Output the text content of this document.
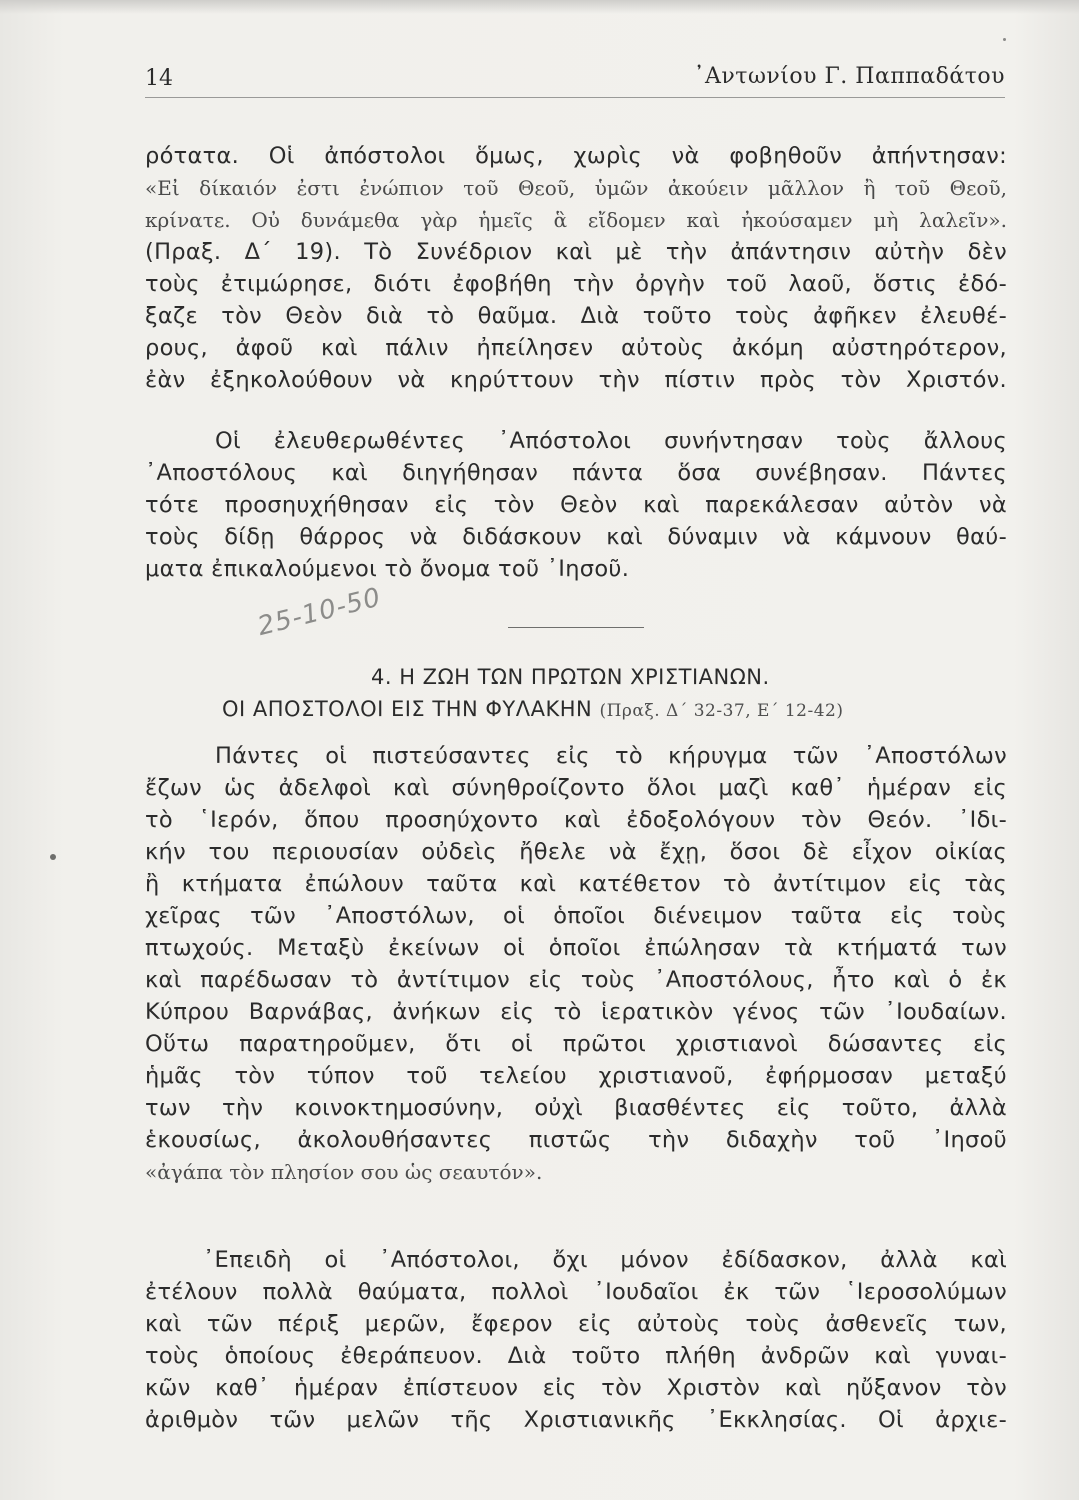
14	᾿Αντωνίου Γ. Παππαδάτου
ρότατα. Οἱ ἀπόστολοι ὅμως, χωρὶς νὰ φοβηθοῦν ἀπήντησαν:
«Εἰ δίκαιόν ἐστι ἐνώπιον τοῦ Θεοῦ, ὑμῶν ἀκούειν μᾶλλον ἢ τοῦ Θεοῦ,
κρίνατε. Οὐ δυνάμεθα γὰρ ἡμεῖς ἃ εἴδομεν καὶ ἠκούσαμεν μὴ λαλεῖν».
(Πραξ. Δ΄ 19). Τὸ Συνέδριον καὶ μὲ τὴν ἀπάντησιν αὐτὴν δὲν
τοὺς ἐτιμώρησε, διότι ἐφοβήθη τὴν ὀργὴν τοῦ λαοῦ, ὅστις ἐδό-
ξαζε τὸν Θεὸν διὰ τὸ θαῦμα. Διὰ τοῦτο τοὺς ἀφῆκεν ἐλευθέ-
ρους, ἀφοῦ καὶ πάλιν ἠπείλησεν αὐτοὺς ἀκόμη αὐστηρότερον,
ἐὰν ἐξηκολούθουν νὰ κηρύττουν τὴν πίστιν πρὸς τὸν Χριστόν.
Οἱ ἐλευθερωθέντες ᾿Απόστολοι συνήντησαν τοὺς ἄλλους
᾿Αποστόλους καὶ διηγήθησαν πάντα ὅσα συνέβησαν. Πάντες
τότε προσηυχήθησαν εἰς τὸν Θεὸν καὶ παρεκάλεσαν αὐτὸν νὰ
τοὺς δίδῃ θάρρος νὰ διδάσκουν καὶ δύναμιν νὰ κάμνουν θαύ-
ματα ἐπικαλούμενοι τὸ ὄνομα τοῦ ᾿Ιησοῦ.
25-10-50
4. Η ΖΩΗ ΤΩΝ ΠΡΩΤΩΝ ΧΡΙΣΤΙΑΝΩΝ.
ΟΙ ΑΠΟΣΤΟΛΟΙ ΕΙΣ ΤΗΝ ΦΥΛΑΚΗΝ (Πραξ. Δ΄ 32-37, Ε΄ 12-42)
Πάντες οἱ πιστεύσαντες εἰς τὸ κήρυγμα τῶν ᾿Αποστόλων
ἔζων ὡς ἀδελφοὶ καὶ σύνηθροίζοντο ὅλοι μαζὶ καθ᾿ ἡμέραν εἰς
τὸ ῾Ιερόν, ὅπου προσηύχοντο καὶ ἐδοξολόγουν τὸν Θεόν. ᾿Ιδι-
κήν του περιουσίαν οὐδεὶς ἤθελε νὰ ἔχῃ, ὅσοι δὲ εἶχον οἰκίας
ἢ κτήματα ἐπώλουν ταῦτα καὶ κατέθετον τὸ ἀντίτιμον εἰς τὰς
χεῖρας τῶν ᾿Αποστόλων, οἱ ὁποῖοι διένειμον ταῦτα εἰς τοὺς
πτωχούς. Μεταξὺ ἐκείνων οἱ ὁποῖοι ἐπώλησαν τὰ κτήματά των
καὶ παρέδωσαν τὸ ἀντίτιμον εἰς τοὺς ᾿Αποστόλους, ἦτο καὶ ὁ ἐκ
Κύπρου Βαρνάβας, ἀνήκων εἰς τὸ ἱερατικὸν γένος τῶν ᾿Ιουδαίων.
Οὕτω παρατηροῦμεν, ὅτι οἱ πρῶτοι χριστιανοὶ δώσαντες εἰς
ἡμᾶς τὸν τύπον τοῦ τελείου χριστιανοῦ, ἐφήρμοσαν μεταξύ
των τὴν κοινοκτημοσύνην, οὐχὶ βιασθέντες εἰς τοῦτο, ἀλλὰ
ἑκουσίως, ἀκολουθήσαντες πιστῶς τὴν διδαχὴν τοῦ ᾿Ιησοῦ
«ἀγάπα τὸν πλησίον σου ὡς σεαυτόν».
᾿Επειδὴ οἱ ᾿Απόστολοι, ὄχι μόνον ἐδίδασκον, ἀλλὰ καὶ
ἐτέλουν πολλὰ θαύματα, πολλοὶ ᾿Ιουδαῖοι ἐκ τῶν ῾Ιεροσολύμων
καὶ τῶν πέριξ μερῶν, ἔφερον εἰς αὐτοὺς τοὺς ἀσθενεῖς των,
τοὺς ὁποίους ἐθεράπευον. Διὰ τοῦτο πλήθη ἀνδρῶν καὶ γυναι-
κῶν καθ᾿ ἡμέραν ἐπίστευον εἰς τὸν Χριστὸν καὶ ηὔξανον τὸν
ἀριθμὸν τῶν μελῶν τῆς Χριστιανικῆς ᾿Εκκλησίας. Οἱ ἀρχιε-
